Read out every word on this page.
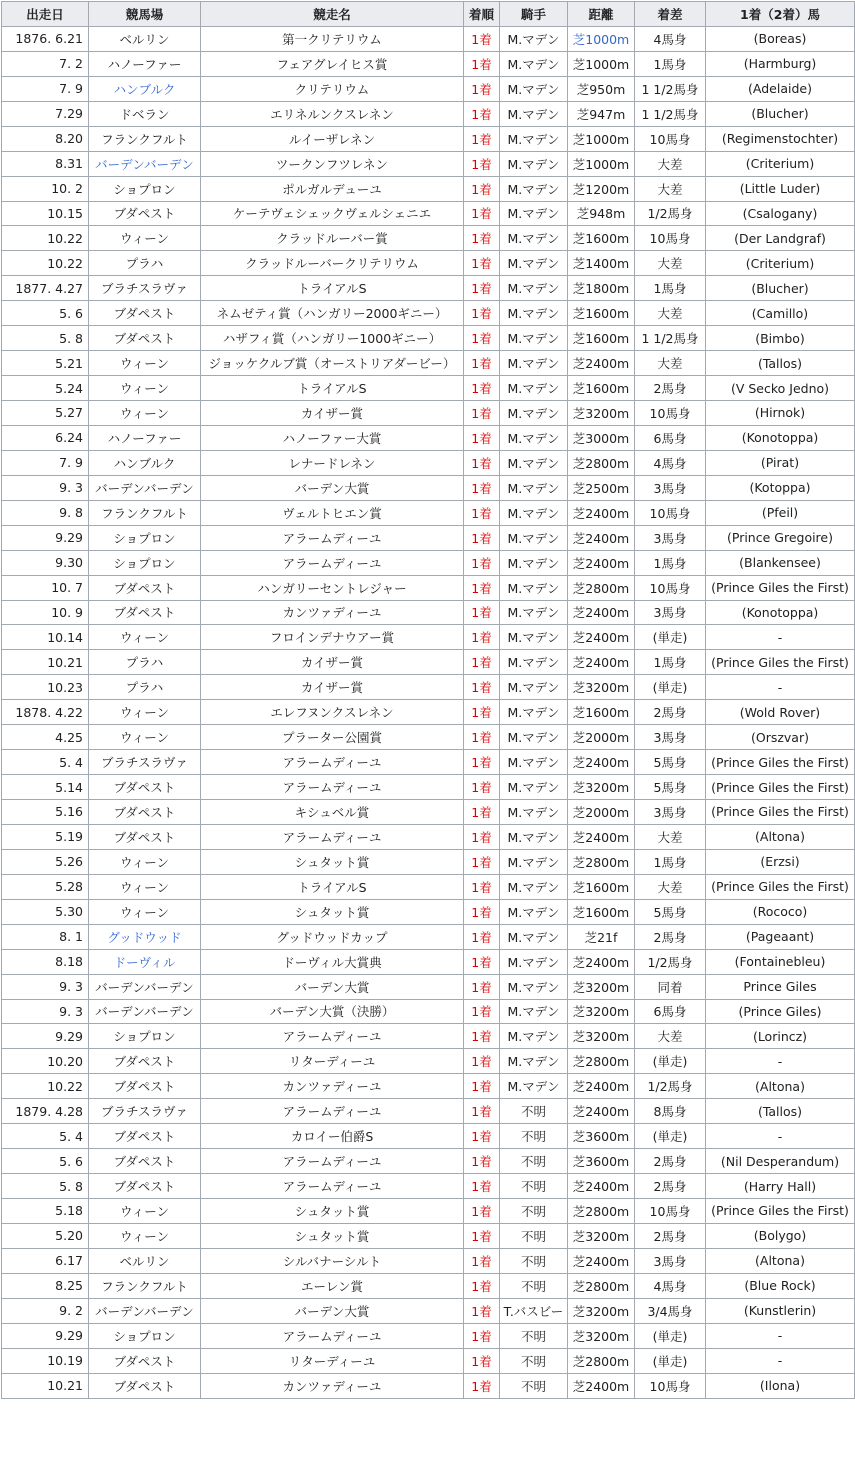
出走日	競馬場	競走名	着順	騎手	距離	着差	1着（2着）馬
1876. 6.21	ベルリン	第一クリテリウム	1着	M.マデン	芝1000m	4馬身	(Boreas)
7. 2	ハノーファー	フェアグレイヒス賞	1着	M.マデン	芝1000m	1馬身	(Harmburg)
7. 9	ハンブルク	クリテリウム	1着	M.マデン	芝950m	1 1/2馬身	(Adelaide)
7.29	ドベラン	エリネルンクスレネン	1着	M.マデン	芝947m	1 1/2馬身	(Blucher)
8.20	フランクフルト	ルイーザレネン	1着	M.マデン	芝1000m	10馬身	(Regimenstochter)
8.31	バーデンバーデン	ツークンフツレネン	1着	M.マデン	芝1000m	大差	(Criterium)
10. 2	ショプロン	ポルガルデューユ	1着	M.マデン	芝1200m	大差	(Little Luder)
10.15	ブダペスト	ケーテヴェシェックヴェルシェニエ	1着	M.マデン	芝948m	1/2馬身	(Csalogany)
10.22	ウィーン	クラッドルーバー賞	1着	M.マデン	芝1600m	10馬身	(Der Landgraf)
10.22	プラハ	クラッドルーバークリテリウム	1着	M.マデン	芝1400m	大差	(Criterium)
1877. 4.27	ブラチスラヴァ	トライアルS	1着	M.マデン	芝1800m	1馬身	(Blucher)
5. 6	ブダペスト	ネムゼティ賞（ハンガリー2000ギニー）	1着	M.マデン	芝1600m	大差	(Camillo)
5. 8	ブダペスト	ハザフィ賞（ハンガリー1000ギニー）	1着	M.マデン	芝1600m	1 1/2馬身	(Bimbo)
5.21	ウィーン	ジョッケクルブ賞（オーストリアダービー）	1着	M.マデン	芝2400m	大差	(Tallos)
5.24	ウィーン	トライアルS	1着	M.マデン	芝1600m	2馬身	(V Secko Jedno)
5.27	ウィーン	カイザー賞	1着	M.マデン	芝3200m	10馬身	(Hirnok)
6.24	ハノーファー	ハノーファー大賞	1着	M.マデン	芝3000m	6馬身	(Konotoppa)
7. 9	ハンブルク	レナードレネン	1着	M.マデン	芝2800m	4馬身	(Pirat)
9. 3	バーデンバーデン	バーデン大賞	1着	M.マデン	芝2500m	3馬身	(Kotoppa)
9. 8	フランクフルト	ヴェルトヒエン賞	1着	M.マデン	芝2400m	10馬身	(Pfeil)
9.29	ショプロン	アラームディーユ	1着	M.マデン	芝2400m	3馬身	(Prince Gregoire)
9.30	ショプロン	アラームディーユ	1着	M.マデン	芝2400m	1馬身	(Blankensee)
10. 7	ブダペスト	ハンガリーセントレジャー	1着	M.マデン	芝2800m	10馬身	(Prince Giles the First)
10. 9	ブダペスト	カンツァディーユ	1着	M.マデン	芝2400m	3馬身	(Konotoppa)
10.14	ウィーン	フロインデナウアー賞	1着	M.マデン	芝2400m	(単走)	-
10.21	プラハ	カイザー賞	1着	M.マデン	芝2400m	1馬身	(Prince Giles the First)
10.23	プラハ	カイザー賞	1着	M.マデン	芝3200m	(単走)	-
1878. 4.22	ウィーン	エレフヌンクスレネン	1着	M.マデン	芝1600m	2馬身	(Wold Rover)
4.25	ウィーン	プラーター公園賞	1着	M.マデン	芝2000m	3馬身	(Orszvar)
5. 4	ブラチスラヴァ	アラームディーユ	1着	M.マデン	芝2400m	5馬身	(Prince Giles the First)
5.14	ブダペスト	アラームディーユ	1着	M.マデン	芝3200m	5馬身	(Prince Giles the First)
5.16	ブダペスト	キシュベル賞	1着	M.マデン	芝2000m	3馬身	(Prince Giles the First)
5.19	ブダペスト	アラームディーユ	1着	M.マデン	芝2400m	大差	(Altona)
5.26	ウィーン	シュタット賞	1着	M.マデン	芝2800m	1馬身	(Erzsi)
5.28	ウィーン	トライアルS	1着	M.マデン	芝1600m	大差	(Prince Giles the First)
5.30	ウィーン	シュタット賞	1着	M.マデン	芝1600m	5馬身	(Rococo)
8. 1	グッドウッド	グッドウッドカップ	1着	M.マデン	芝21f	2馬身	(Pageaant)
8.18	ドーヴィル	ドーヴィル大賞典	1着	M.マデン	芝2400m	1/2馬身	(Fontainebleu)
9. 3	バーデンバーデン	バーデン大賞	1着	M.マデン	芝3200m	同着	Prince Giles
9. 3	バーデンバーデン	バーデン大賞（決勝）	1着	M.マデン	芝3200m	6馬身	(Prince Giles)
9.29	ショプロン	アラームディーユ	1着	M.マデン	芝3200m	大差	(Lorincz)
10.20	ブダペスト	リターディーユ	1着	M.マデン	芝2800m	(単走)	-
10.22	ブダペスト	カンツァディーユ	1着	M.マデン	芝2400m	1/2馬身	(Altona)
1879. 4.28	ブラチスラヴァ	アラームディーユ	1着	不明	芝2400m	8馬身	(Tallos)
5. 4	ブダペスト	カロイー伯爵S	1着	不明	芝3600m	(単走)	-
5. 6	ブダペスト	アラームディーユ	1着	不明	芝3600m	2馬身	(Nil Desperandum)
5. 8	ブダペスト	アラームディーユ	1着	不明	芝2400m	2馬身	(Harry Hall)
5.18	ウィーン	シュタット賞	1着	不明	芝2800m	10馬身	(Prince Giles the First)
5.20	ウィーン	シュタット賞	1着	不明	芝3200m	2馬身	(Bolygo)
6.17	ベルリン	シルバナーシルト	1着	不明	芝2400m	3馬身	(Altona)
8.25	フランクフルト	エーレン賞	1着	不明	芝2800m	4馬身	(Blue Rock)
9. 2	バーデンバーデン	バーデン大賞	1着	T.バスビー	芝3200m	3/4馬身	(Kunstlerin)
9.29	ショプロン	アラームディーユ	1着	不明	芝3200m	(単走)	-
10.19	ブダペスト	リターディーユ	1着	不明	芝2800m	(単走)	-
10.21	ブダペスト	カンツァディーユ	1着	不明	芝2400m	10馬身	(Ilona)
